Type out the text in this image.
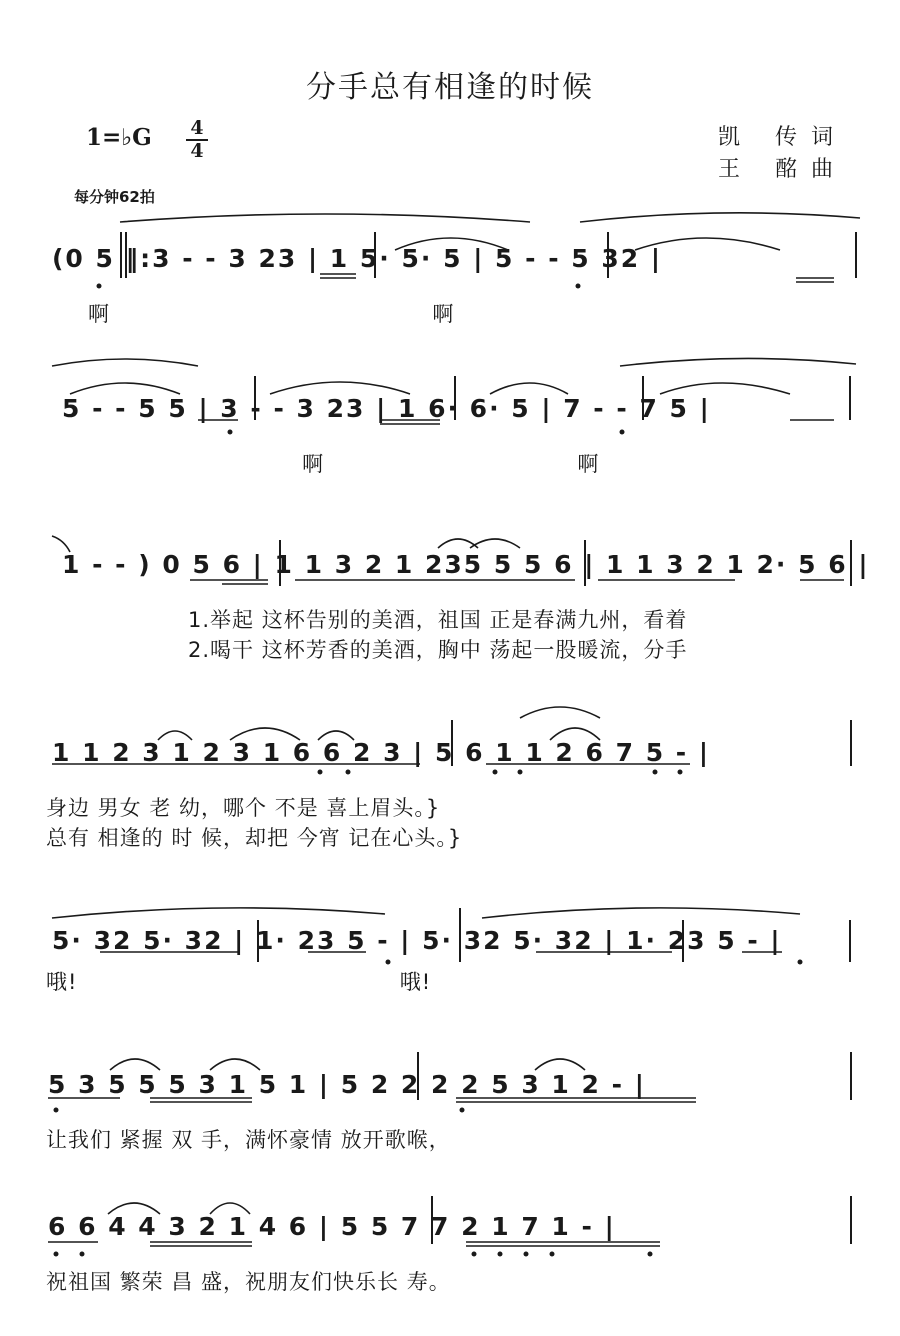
分手总有相逢的时候
1=♭G 4
4
凯 传词
王 酩曲
每分钟62拍
(0 5 ‖:3 - - 3 23 | 1 5· 5· 5 | 5 - - 5 32 |
啊                                          啊
5 - - 5 5 | 3 - - 3 23 | 1 6· 6· 5 | 7 - - 7 5 |
啊                                 啊
1 - - ) 0 5 6 | 1 1 3 2 1 235 5 5 6 | 1 1 3 2 1 2· 5 6 |
1.举起 这杯告别的美酒，祖国 正是春满九州，看着
2.喝干 这杯芳香的美酒，胸中 荡起一股暖流，分手
1 1 2 3 1 2 3 1 6 6 2 3 | 5 6 1 1 2 6 7 5 - |
身边 男女 老 幼，哪个 不是 喜上眉头。}
总有 相逢的 时 候，却把 今宵 记在心头。}
5· 32 5· 32 | 1· 23 5 - | 5· 32 5· 32 | 1· 23 5 - |
哦!                                          哦!
5 3 5 5 5 3 1 5 1 | 5 2 2 2 2 5 3 1 2 - |
让我们 紧握 双 手，满怀豪情 放开歌喉，
6 6 4 4 3 2 1 4 6 | 5 5 7 7 2 1 7 1 - |
祝祖国 繁荣 昌 盛，祝朋友们快乐长 寿。
